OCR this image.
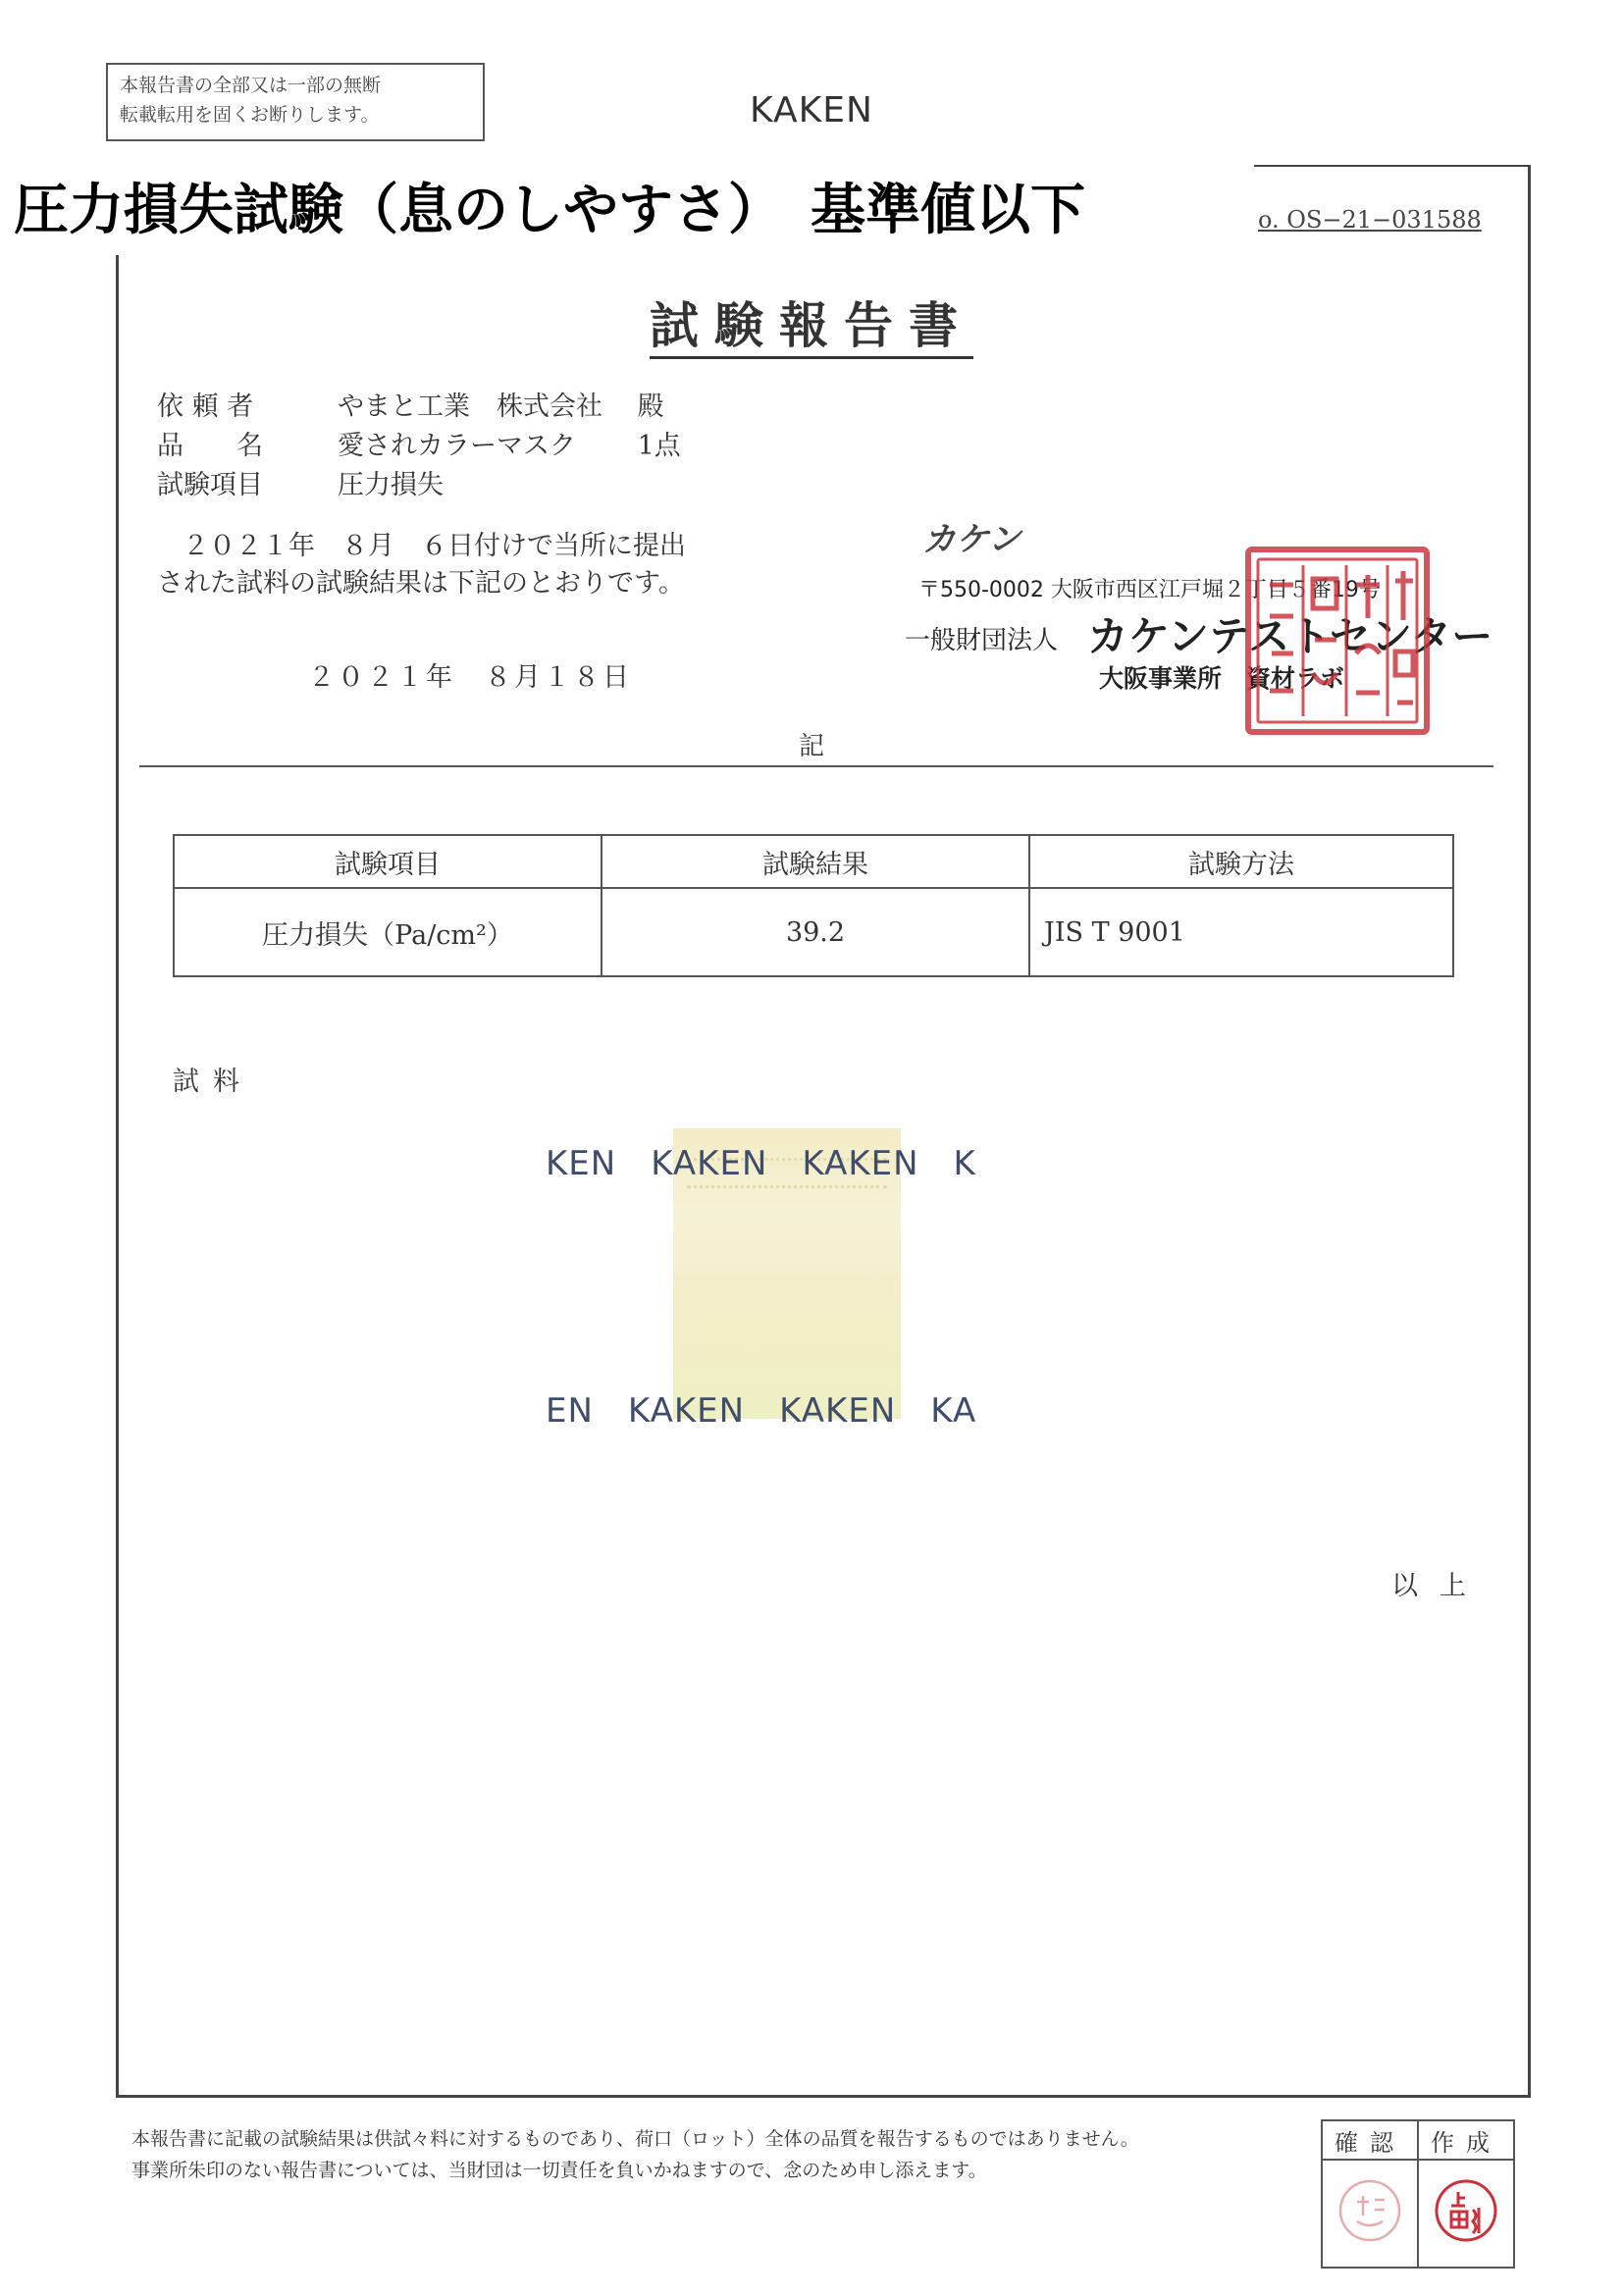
本報告書の全部又は一部の無断
転載転用を固くお断りします。	KAKEN
圧力損失試験（息のしやすさ）　基準値以下	o. OS−21−031588
試験報告書
依 頼 者	やまと工業　株式会社　 殿
品　　名	愛されカラーマスク　　 1点
試験項目	圧力損失
２０２１年　８月　６日付けで当所に提出
された試料の試験結果は下記のとおりです。
２０２１年　８月１８日
カケン
〒550-0002 大阪市西区江戸堀２丁目５番19号
一般財団法人 カケンテストセンター
大阪事業所　資材ラボ
記
試験項目	試験結果	試験方法
圧力損失（Pa/cm²）	39.2	JIS T 9001
試料
KEN　KAKEN　KAKEN　K
EN　KAKEN　KAKEN　KA
以上
本報告書に記載の試験結果は供試々料に対するものであり、荷口（ロット）全体の品質を報告するものではありません。
事業所朱印のない報告書については、当財団は一切責任を負いかねますので、念のため申し添えます。
確認	作成
